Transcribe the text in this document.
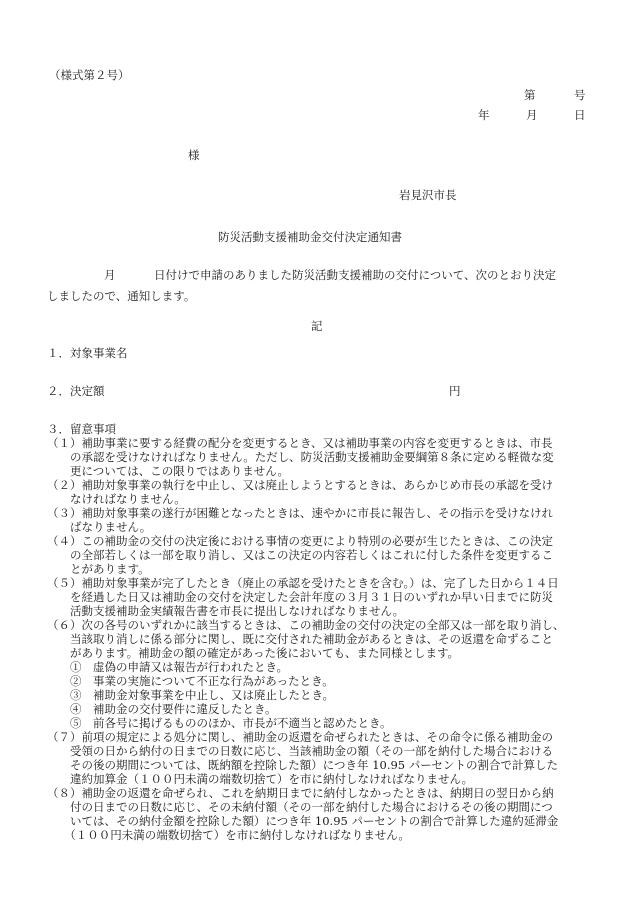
（様式第２号）
第	号
年	月	日
様
岩見沢市長
防災活動支援補助金交付決定通知書
月	日付けで申請のありました防災活動支援補助の交付について、次のとおり決定
しましたので、通知します。
記
１．対象事業名
２．決定額	円
３．留意事項
（１）補助事業に要する経費の配分を変更するとき、又は補助事業の内容を変更するときは、市長
　　の承認を受けなければなりません。ただし、防災活動支援補助金要綱第８条に定める軽微な変
　　更については、この限りではありません。
（２）補助対象事業の執行を中止し、又は廃止しようとするときは、あらかじめ市長の承認を受け
　　なければなりません。
（３）補助対象事業の遂行が困難となったときは、速やかに市長に報告し、その指示を受けなけれ
　　ばなりません。
（４）この補助金の交付の決定後における事情の変更により特別の必要が生じたときは、この決定
　　の全部若しくは一部を取り消し、又はこの決定の内容若しくはこれに付した条件を変更するこ
　　とがあります。
（５）補助対象事業が完了したとき（廃止の承認を受けたときを含む。）は、完了した日から１４日
　　を経過した日又は補助金の交付を決定した会計年度の３月３１日のいずれか早い日までに防災
　　活動支援補助金実績報告書を市長に提出しなければなりません。
（６）次の各号のいずれかに該当するときは、この補助金の交付の決定の全部又は一部を取り消し、
　　当該取り消しに係る部分に関し、既に交付された補助金があるときは、その返還を命ずること
　　があります。補助金の額の確定があった後においても、また同様とします。
　　①　虚偽の申請又は報告が行われたとき。
　　②　事業の実施について不正な行為があったとき。
　　③　補助金対象事業を中止し、又は廃止したとき。
　　④　補助金の交付要件に違反したとき。
　　⑤　前各号に掲げるもののほか、市長が不適当と認めたとき。
（７）前項の規定による処分に関し、補助金の返還を命ぜられたときは、その命令に係る補助金の
　　受領の日から納付の日までの日数に応じ、当該補助金の額（その一部を納付した場合における
　　その後の期間については、既納額を控除した額）につき年 10.95 パーセントの割合で計算した
　　違約加算金（１００円未満の端数切捨て）を市に納付しなければなりません。
（８）補助金の返還を命ぜられ、これを納期日までに納付しなかったときは、納期日の翌日から納
　　付の日までの日数に応じ、その未納付額（その一部を納付した場合におけるその後の期間につ
　　いては、その納付金額を控除した額）につき年 10.95 パーセントの割合で計算した違約延滞金
　　（１００円未満の端数切捨て）を市に納付しなければなりません。
